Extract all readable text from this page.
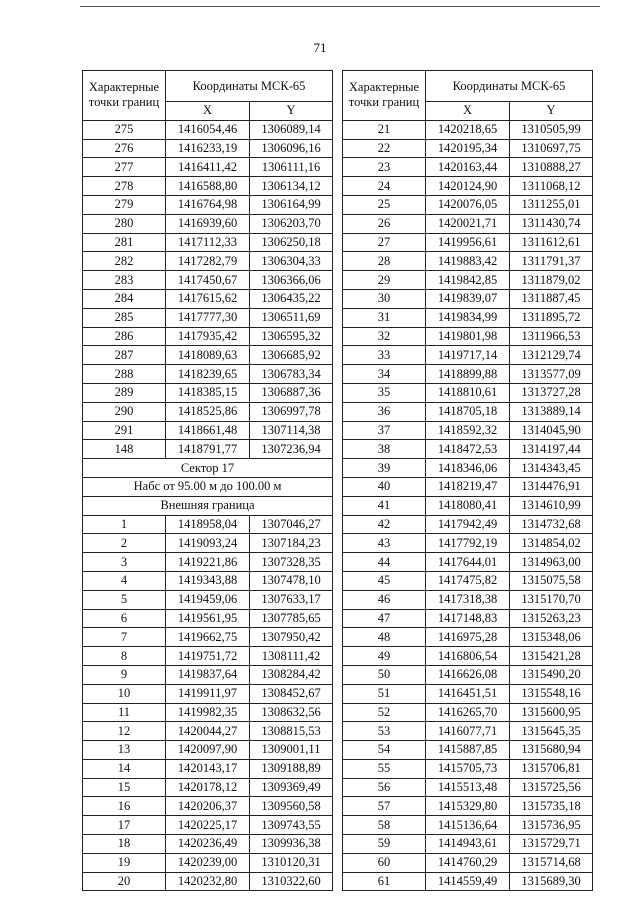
71
Характерные точки границ	Координаты МСК-65	
	X	Y
275	1416054,46	1306089,14
276	1416233,19	1306096,16
277	1416411,42	1306111,16
278	1416588,80	1306134,12
279	1416764,98	1306164,99
280	1416939,60	1306203,70
281	1417112,33	1306250,18
282	1417282,79	1306304,33
283	1417450,67	1306366,06
284	1417615,62	1306435,22
285	1417777,30	1306511,69
286	1417935,42	1306595,32
287	1418089,63	1306685,92
288	1418239,65	1306783,34
289	1418385,15	1306887,36
290	1418525,86	1306997,78
291	1418661,48	1307114,38
148	1418791,77	1307236,94
Сектор 17		
Набс от 95.00 м до 100.00 м		
Внешняя граница		
1	1418958,04	1307046,27
2	1419093,24	1307184,23
3	1419221,86	1307328,35
4	1419343,88	1307478,10
5	1419459,06	1307633,17
6	1419561,95	1307785,65
7	1419662,75	1307950,42
8	1419751,72	1308111,42
9	1419837,64	1308284,42
10	1419911,97	1308452,67
11	1419982,35	1308632,56
12	1420044,27	1308815,53
13	1420097,90	1309001,11
14	1420143,17	1309188,89
15	1420178,12	1309369,49
16	1420206,37	1309560,58
17	1420225,17	1309743,55
18	1420236,49	1309936,38
19	1420239,00	1310120,31
20	1420232,80	1310322,60
Характерные точки границ	Координаты МСК-65	
	X	Y
21	1420218,65	1310505,99
22	1420195,34	1310697,75
23	1420163,44	1310888,27
24	1420124,90	1311068,12
25	1420076,05	1311255,01
26	1420021,71	1311430,74
27	1419956,61	1311612,61
28	1419883,42	1311791,37
29	1419842,85	1311879,02
30	1419839,07	1311887,45
31	1419834,99	1311895,72
32	1419801,98	1311966,53
33	1419717,14	1312129,74
34	1418899,88	1313577,09
35	1418810,61	1313727,28
36	1418705,18	1313889,14
37	1418592,32	1314045,90
38	1418472,53	1314197,44
39	1418346,06	1314343,45
40	1418219,47	1314476,91
41	1418080,41	1314610,99
42	1417942,49	1314732,68
43	1417792,19	1314854,02
44	1417644,01	1314963,00
45	1417475,82	1315075,58
46	1417318,38	1315170,70
47	1417148,83	1315263,23
48	1416975,28	1315348,06
49	1416806,54	1315421,28
50	1416626,08	1315490,20
51	1416451,51	1315548,16
52	1416265,70	1315600,95
53	1416077,71	1315645,35
54	1415887,85	1315680,94
55	1415705,73	1315706,81
56	1415513,48	1315725,56
57	1415329,80	1315735,18
58	1415136,64	1315736,95
59	1414943,61	1315729,71
60	1414760,29	1315714,68
61	1414559,49	1315689,30
